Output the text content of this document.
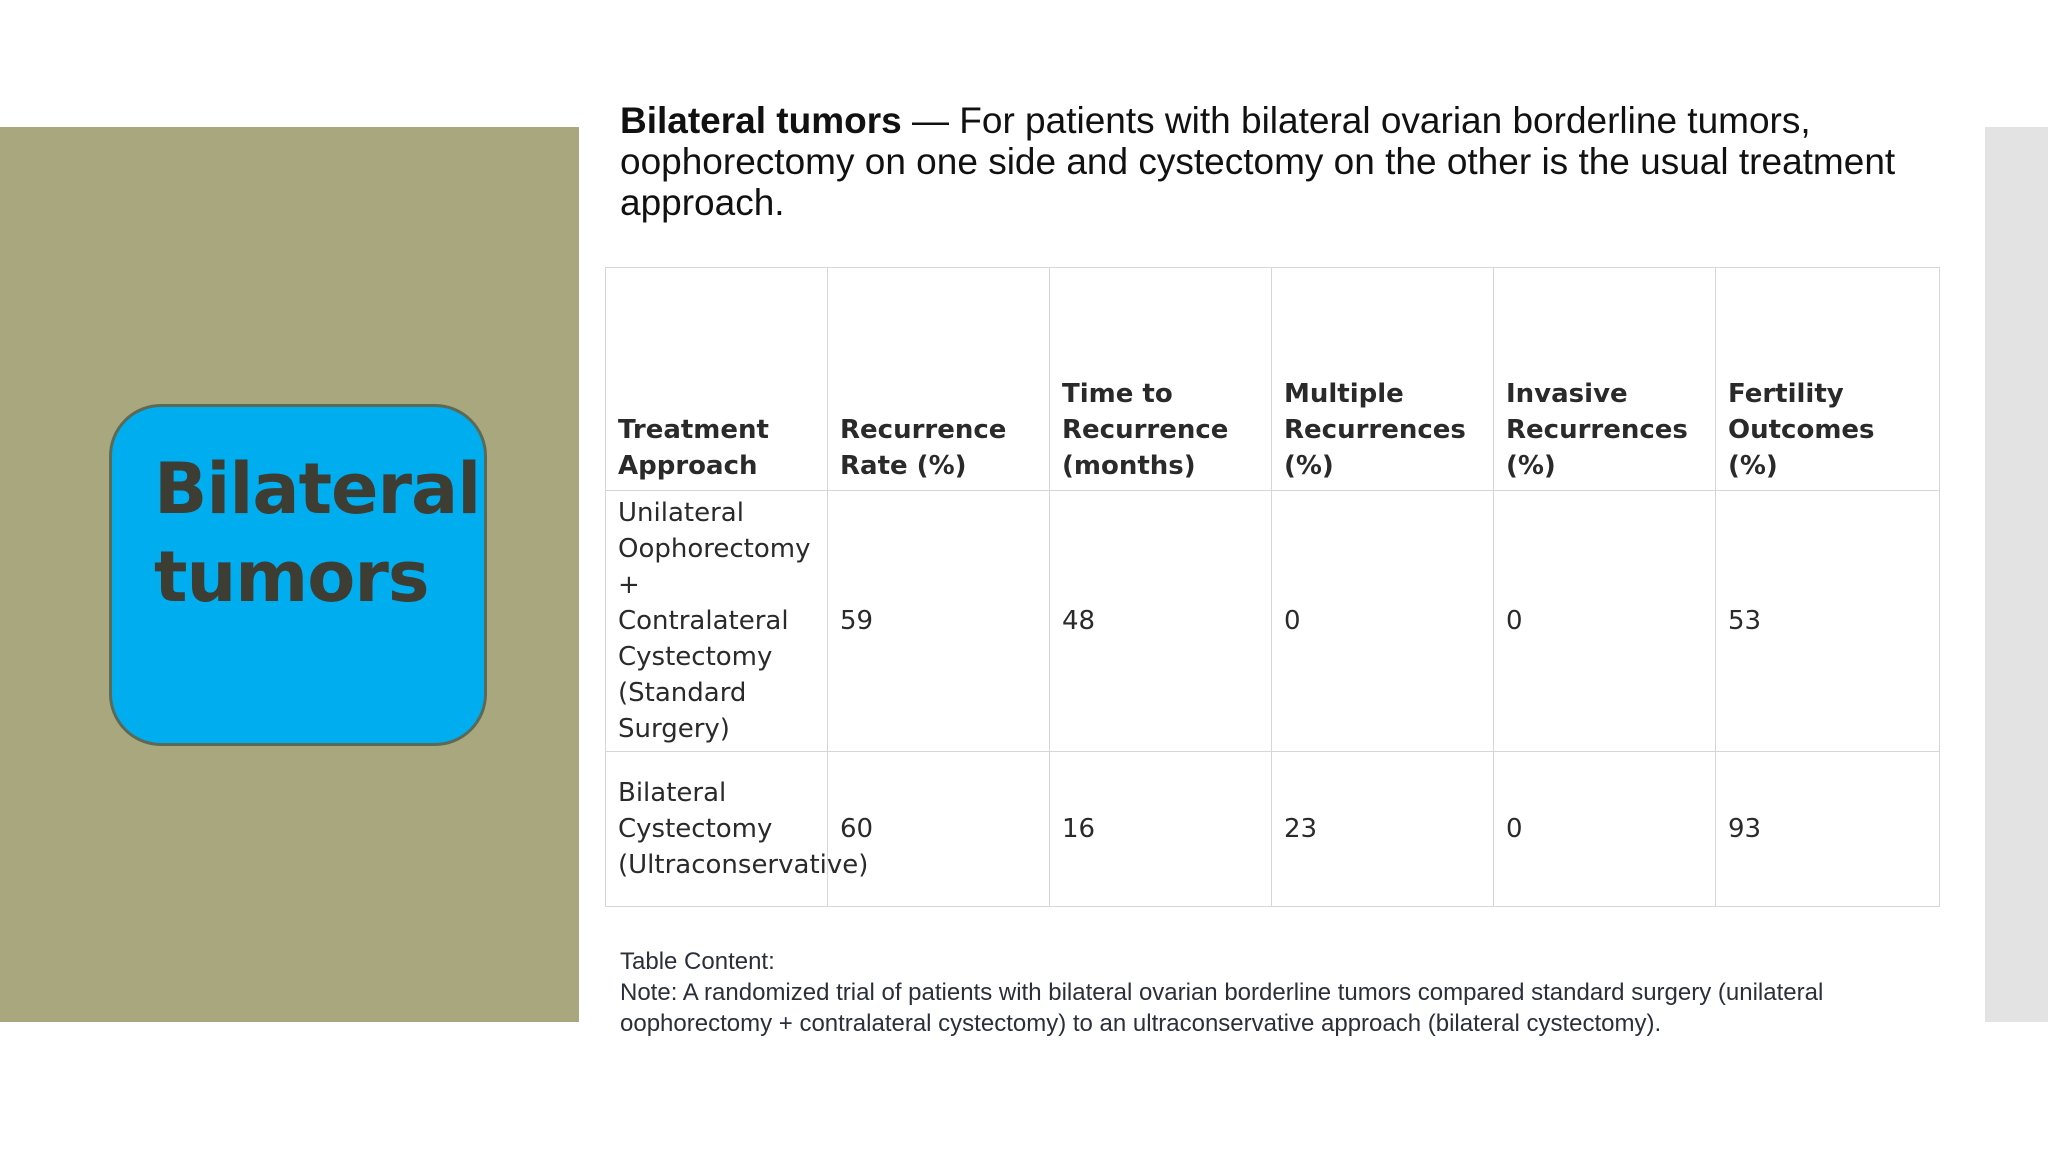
Bilateral tumors
Bilateral tumors — For patients with bilateral ovarian borderline tumors, oophorectomy on one side and cystectomy on the other is the usual treatment approach.
Treatment Approach	Recurrence Rate (%)	Time to Recurrence (months)	Multiple Recurrences (%)	Invasive Recurrences (%)	Fertility Outcomes (%)
Unilateral Oophorectomy + Contralateral Cystectomy (Standard Surgery)	59	48	0	0	53
Bilateral Cystectomy (Ultraconservative)	60	16	23	0	93
Table Content:
Note: A randomized trial of patients with bilateral ovarian borderline tumors compared standard surgery (unilateral oophorectomy + contralateral cystectomy) to an ultraconservative approach (bilateral cystectomy).
